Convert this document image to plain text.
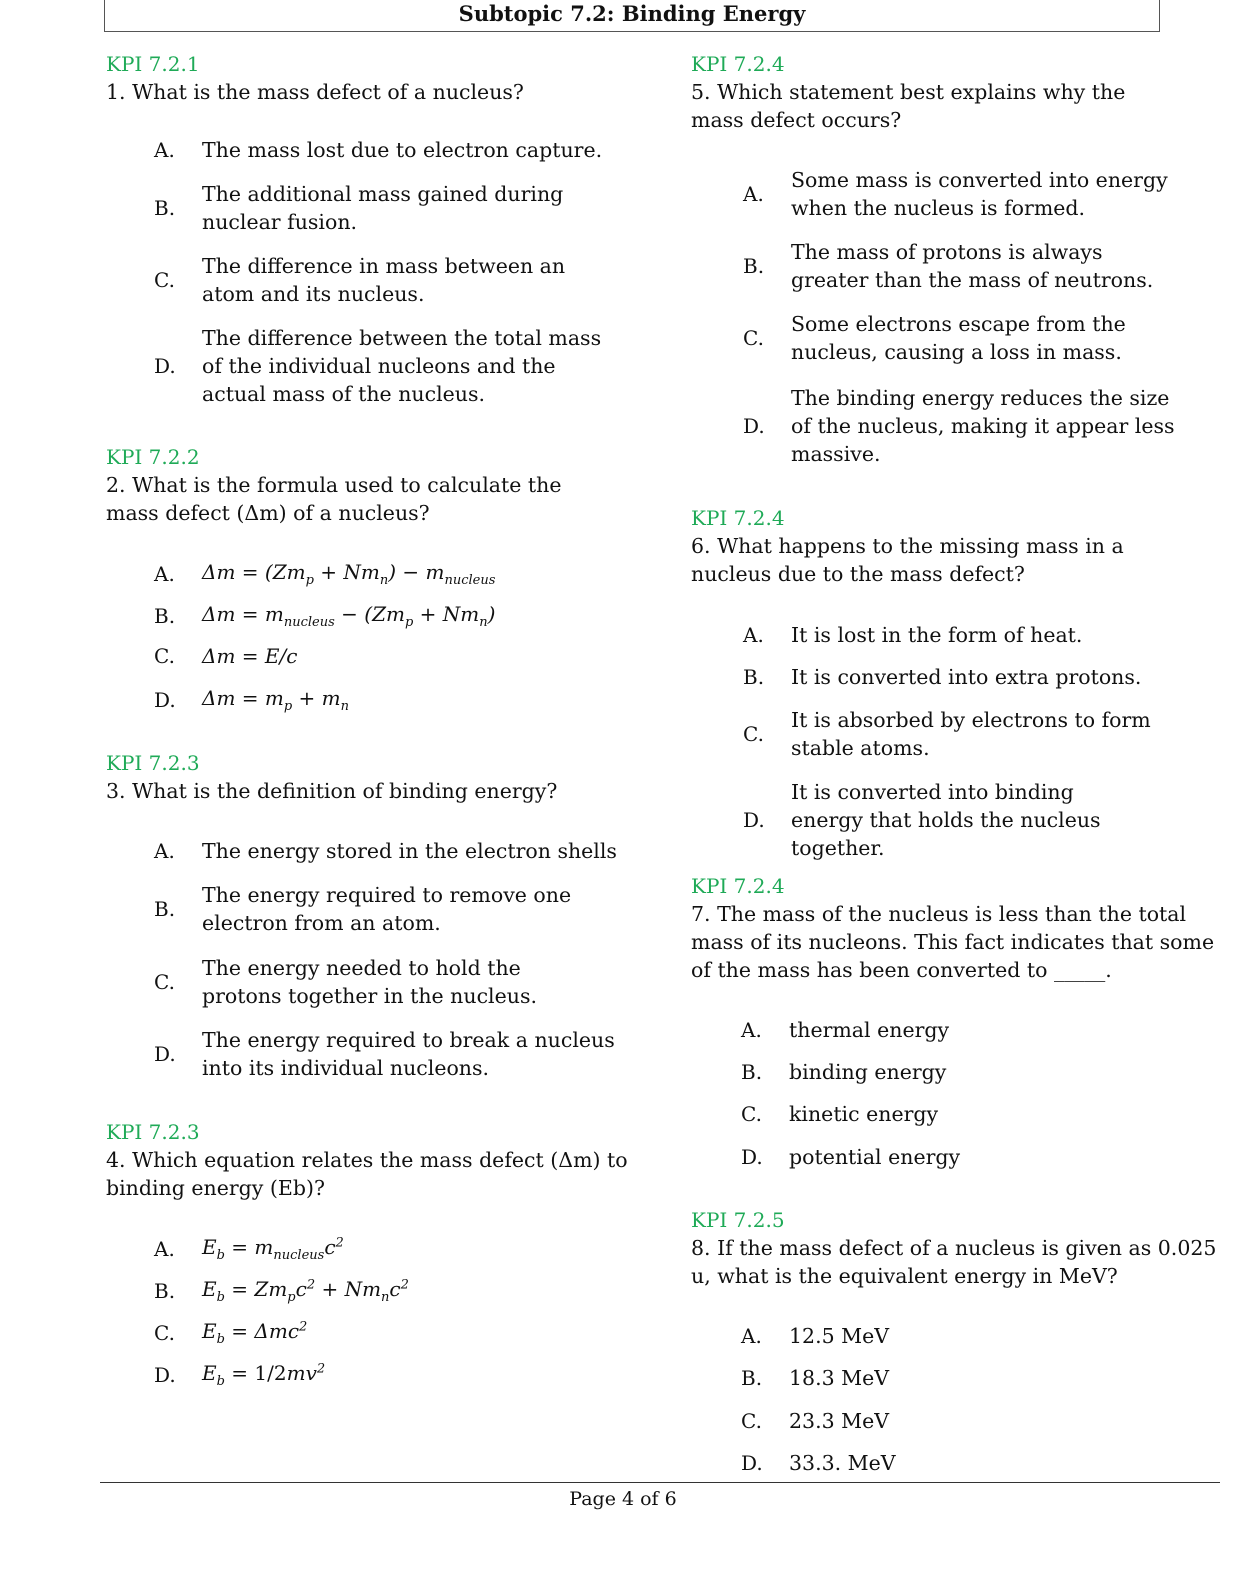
Subtopic 7.2: Binding Energy
KPI 7.2.1
1. What is the mass defect of a nucleus?
A.	The mass lost due to electron capture.
B.
The additional mass gained during nuclear fusion.
C.
The difference in mass between an atom and its nucleus.
D.
The difference between the total mass of the individual nucleons and the actual mass of the nucleus.
KPI 7.2.2
2. What is the formula used to calculate the mass defect (Δm) of a nucleus?
A.	$\Delta m = (Zm_p + Nm_n) - m_{nucleus}$
B.	$\Delta m = m_{nucleus} - (Zm_p + Nm_n)$
C.	Δm = E/c
D.	$\Delta m = m_p + m_n$
KPI 7.2.3
3. What is the definition of binding energy?
A.	The energy stored in the electron shells
B.
The energy required to remove one electron from an atom.
C.
The energy needed to hold the protons together in the nucleus.
D.
The energy required to break a nucleus into its individual nucleons.
KPI 7.2.3
4. Which equation relates the mass defect (Δm) to binding energy (Eb)?
A.	$E_b = m_{nucleus}c^2$
B.	$E_b = Zm_pc^2 + Nm_nc^2$
C.	$E_b = \Delta mc^2$
D.	$E_b = 1/2mv^2$
KPI 7.2.4
5. Which statement best explains why the mass defect occurs?
A.
Some mass is converted into energy when the nucleus is formed.
B.
The mass of protons is always greater than the mass of neutrons.
C.
Some electrons escape from the nucleus, causing a loss in mass.
D.
The binding energy reduces the size of the nucleus, making it appear less massive.
KPI 7.2.4
6. What happens to the missing mass in a nucleus due to the mass defect?
A.	It is lost in the form of heat.
B.	It is converted into extra protons.
C.
It is absorbed by electrons to form stable atoms.
D.
It is converted into binding energy that holds the nucleus together.
KPI 7.2.4
7. The mass of the nucleus is less than the total mass of its nucleons. This fact indicates that some of the mass has been converted to _____.
A.	thermal energy
B.	binding energy
C.	kinetic energy
D.	potential energy
KPI 7.2.5
8. If the mass defect of a nucleus is given as 0.025 u, what is the equivalent energy in MeV?
A.	12.5 MeV
B.	18.3 MeV
C.	23.3 MeV
D.	33.3. MeV
Page 4 of 6
